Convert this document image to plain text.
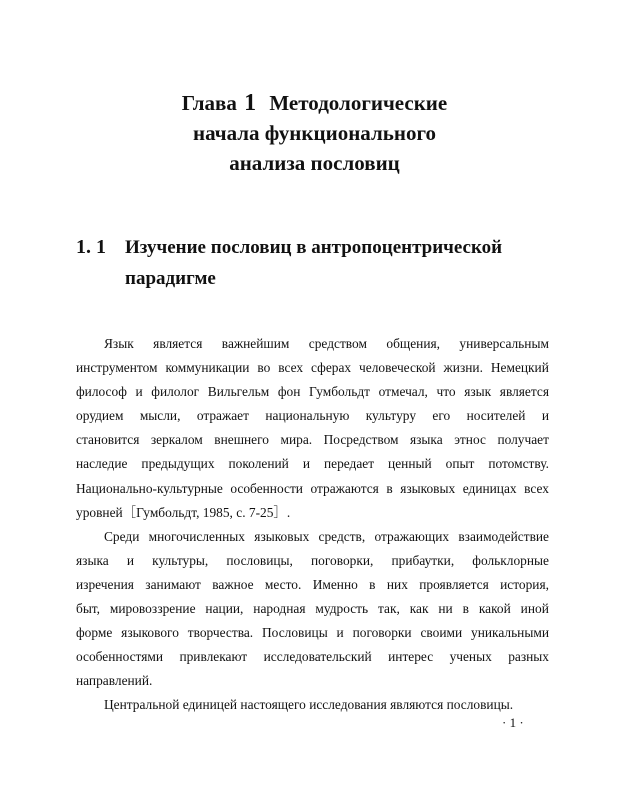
Глава 1 Методологические
начала функционального
анализа пословиц
1. 1 Изучение пословиц в антропоцентрической
парадигме
Язык является важнейшим средством общения, универсальным
инструментом коммуникации во всех сферах человеческой жизни. Немецкий
философ и филолог Вильгельм фон Гумбольдт отмечал, что язык является
орудием мысли, отражает национальную культуру его носителей и
становится зеркалом внешнего мира. Посредством языка этнос получает
наследие предыдущих поколений и передает ценный опыт потомству.
Национально-культурные особенности отражаются в языковых единицах всех
уровней［Гумбольдт, 1985, с. 7-25］.
Среди многочисленных языковых средств, отражающих взаимодействие
языка и культуры, пословицы, поговорки, прибаутки, фольклорные
изречения занимают важное место. Именно в них проявляется история,
быт, мировоззрение нации, народная мудрость так, как ни в какой иной
форме языкового творчества. Пословицы и поговорки своими уникальными
особенностями привлекают исследовательский интерес ученых разных
направлений.
Центральной единицей настоящего исследования являются пословицы.
· 1 ·
